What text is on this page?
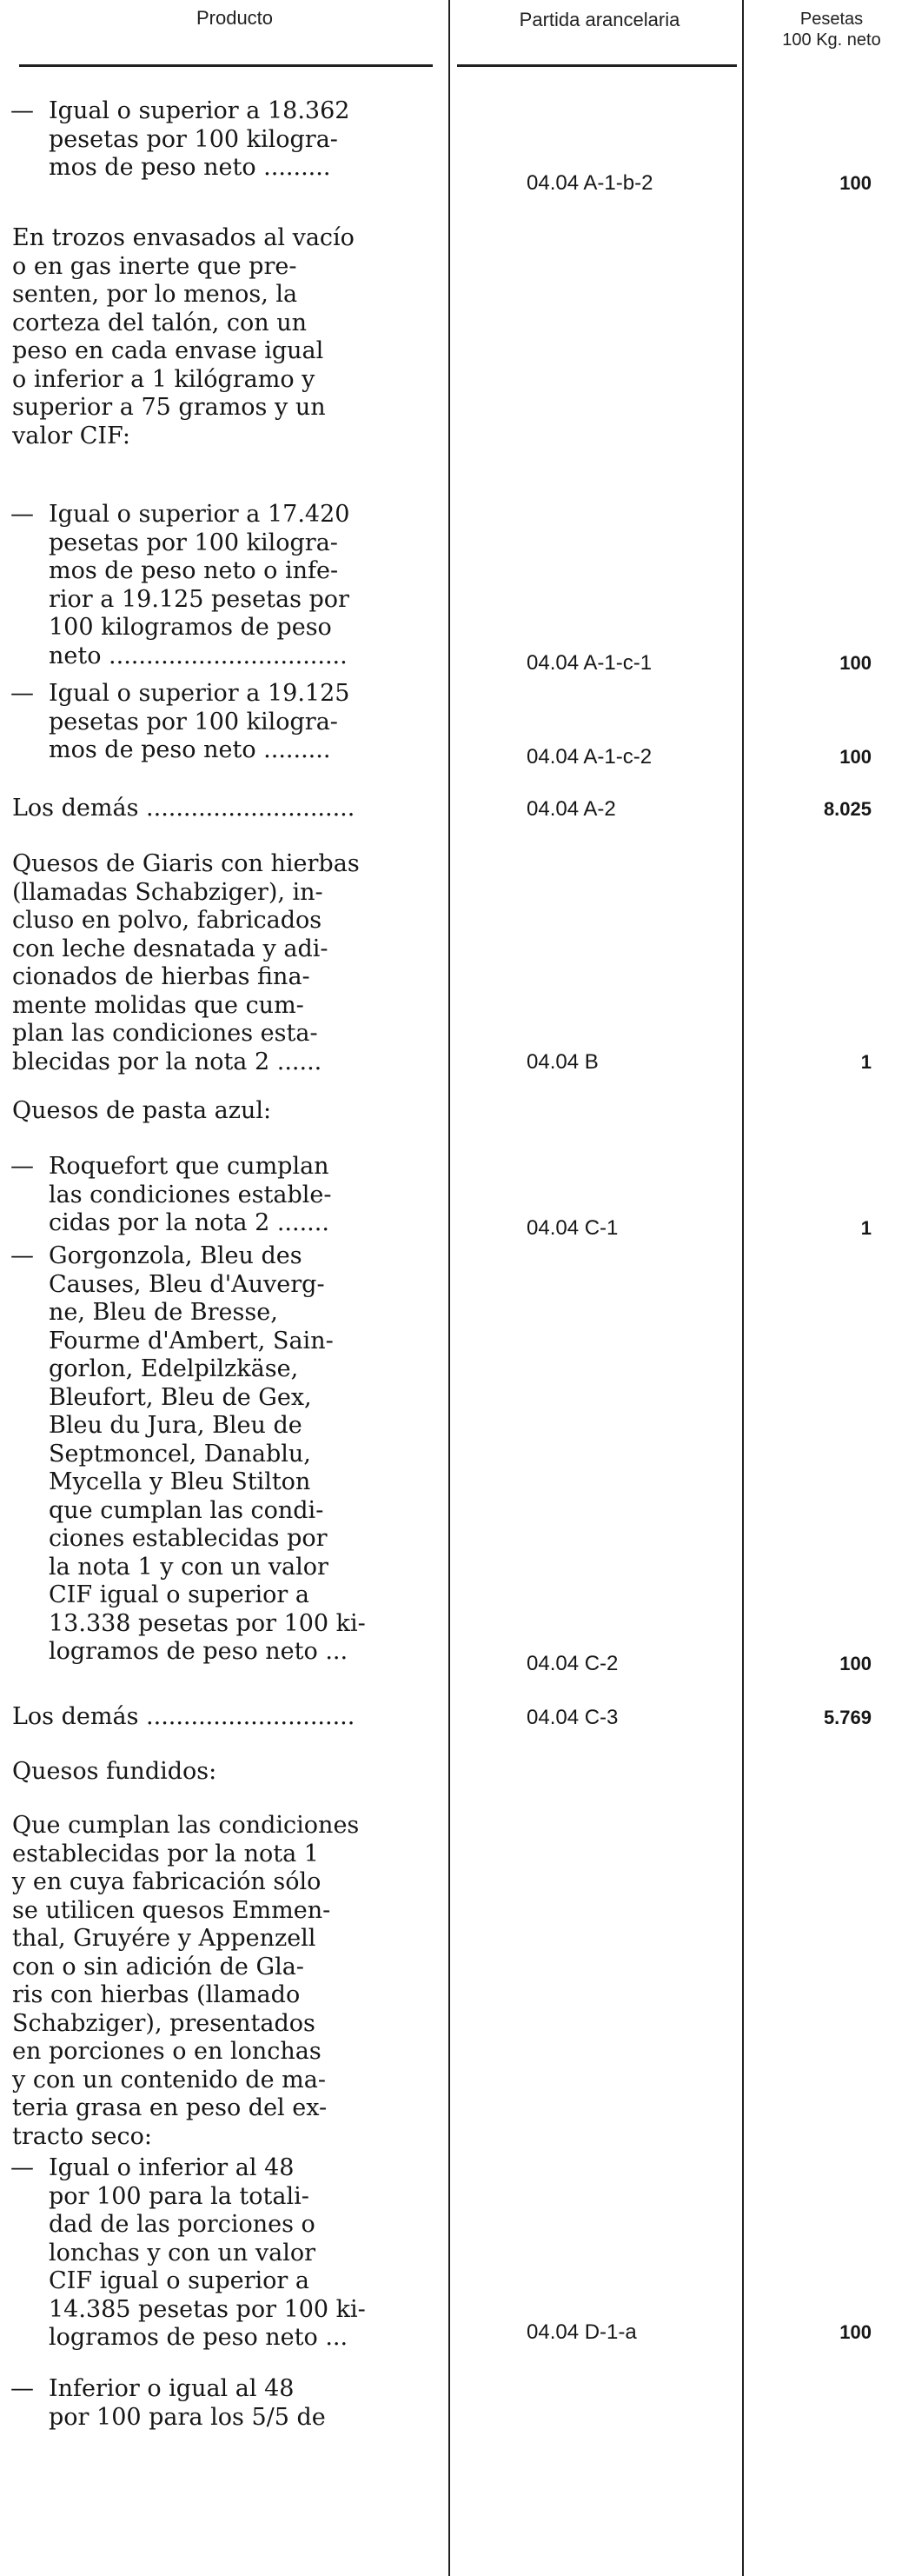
Producto	Partida arancelaria	Pesetas
100 Kg. neto
— Igual o superior a 18.362
pesetas por 100 kilogra-
mos de peso neto .........
04.04 A-1-b-2	100
En trozos envasados al vacío
o en gas inerte que pre-
senten, por lo menos, la
corteza del talón, con un
peso en cada envase igual
o inferior a 1 kilógramo y
superior a 75 gramos y un
valor CIF:
— Igual o superior a 17.420
pesetas por 100 kilogra-
mos de peso neto o infe-
rior a 19.125 pesetas por
100 kilogramos de peso
neto ................................	04.04 A-1-c-1	100
— Igual o superior a 19.125
pesetas por 100 kilogra-
mos de peso neto .........	04.04 A-1-c-2	100
Los demás ............................	04.04 A-2	8.025
Quesos de Giaris con hierbas
(llamadas Schabziger), in-
cluso en polvo, fabricados
con leche desnatada y adi-
cionados de hierbas fina-
mente molidas que cum-
plan las condiciones esta-
blecidas por la nota 2 ......	04.04 B	1
Quesos de pasta azul:
— Roquefort que cumplan
las condiciones estable-
cidas por la nota 2 .......	04.04 C-1	1
— Gorgonzola, Bleu des
Causes, Bleu d'Auverg-
ne, Bleu de Bresse,
Fourme d'Ambert, Sain-
gorlon, Edelpilzkäse,
Bleufort, Bleu de Gex,
Bleu du Jura, Bleu de
Septmoncel, Danablu,
Mycella y Bleu Stilton
que cumplan las condi-
ciones establecidas por
la nota 1 y con un valor
CIF igual o superior a
13.338 pesetas por 100 ki-
logramos de peso neto ...	04.04 C-2	100
Los demás ............................	04.04 C-3	5.769
Quesos fundidos:
Que cumplan las condiciones
establecidas por la nota 1
y en cuya fabricación sólo
se utilicen quesos Emmen-
thal, Gruyére y Appenzell
con o sin adición de Gla-
ris con hierbas (llamado
Schabziger), presentados
en porciones o en lonchas
y con un contenido de ma-
teria grasa en peso del ex-
tracto seco:
— Igual o inferior al 48
por 100 para la totali-
dad de las porciones o
lonchas y con un valor
CIF igual o superior a
14.385 pesetas por 100 ki-
logramos de peso neto ...	04.04 D-1-a	100
— Inferior o igual al 48
por 100 para los 5/5 de
